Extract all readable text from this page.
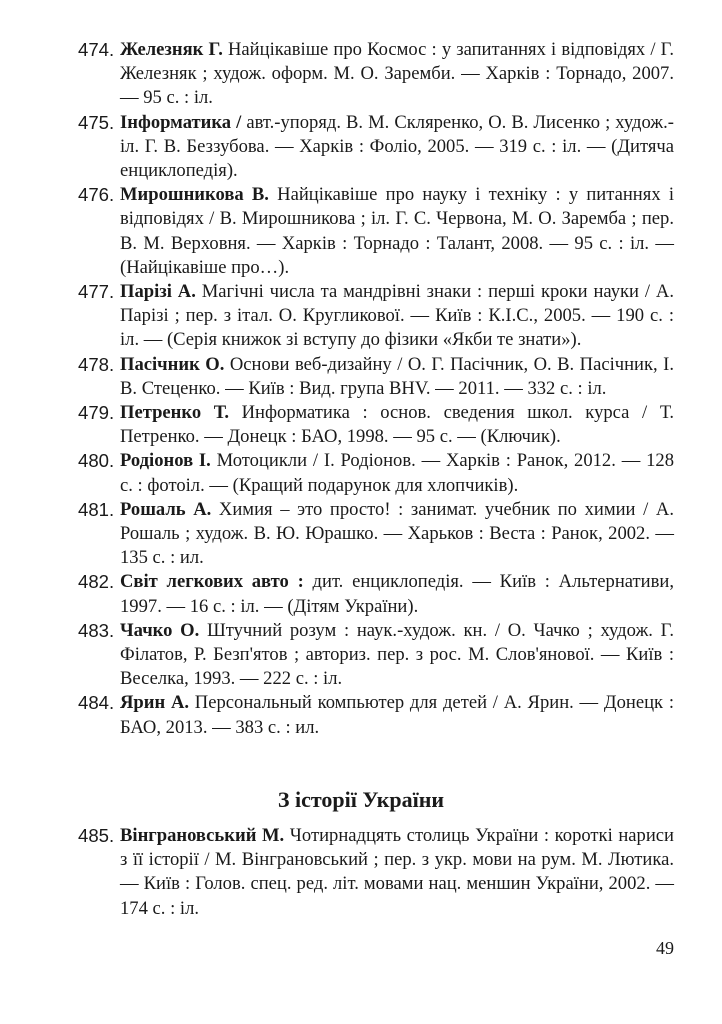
474. Железняк Г. Найцікавіше про Космос : у запитаннях і відповідях / Г. Железняк ; худож. оформ. М. О. Заремби. — Харків : Торнадо, 2007. — 95 с. : іл.

475. Інформатика / авт.-упоряд. В. М. Скляренко, О. В. Лисенко ; худож.-іл. Г. В. Беззубова. — Харків : Фоліо, 2005. — 319 с. : іл. — (Дитяча енциклопедія).

476. Мирошникова В. Найцікавіше про науку і техніку : у питаннях і відповідях / В. Мирошникова ; іл. Г. С. Червона, М. О. Заремба ; пер. В. М. Верховня. — Харків : Торнадо : Талант, 2008. — 95 с. : іл. — (Найцікавіше про…).

477. Парізі А. Магічні числа та мандрівні знаки : перші кроки науки / А. Парізі ; пер. з італ. О. Кругликової. — Київ : К.І.С., 2005. — 190 с. : іл. — (Серія книжок зі вступу до фізики «Якби те знати»).

478. Пасічник О. Основи веб-дизайну / О. Г. Пасічник, О. В. Пасічник, І. В. Стеценко. — Київ : Вид. група BHV. — 2011. — 332 с. : іл.

479. Петренко Т. Информатика : основ. сведения школ. курса / Т. Петренко. — Донецк : БАО, 1998. — 95 с. — (Ключик).

480. Родіонов І. Мотоцикли / І. Родіонов. — Харків : Ранок, 2012. — 128 с. : фотоіл. — (Кращий подарунок для хлопчиків).

481. Рошаль А. Химия – это просто! : занимат. учебник по химии / А. Рошаль ; худож. В. Ю. Юрашко. — Харьков : Веста : Ранок, 2002. — 135 с. : ил.

482. Світ легкових авто : дит. енциклопедія. — Київ : Альтернативи, 1997. — 16 с. : іл. — (Дітям України).

483. Чачко О. Штучний розум : наук.-худож. кн. / О. Чачко ; худож. Г. Філатов, Р. Безп'ятов ; авториз. пер. з рос. М. Слов'янової. — Київ : Веселка, 1993. — 222 с. : іл.

484. Ярин А. Персональный компьютер для детей / А. Ярин. — Донецк : БАО, 2013. — 383 с. : ил.

З історії України

485. Вінграновський М. Чотирнадцять столиць України : короткі нариси з її історії / М. Вінграновський ; пер. з укр. мови на рум. М. Лютика. — Київ : Голов. спец. ред. літ. мовами нац. меншин України, 2002. — 174 с. : іл.

49
